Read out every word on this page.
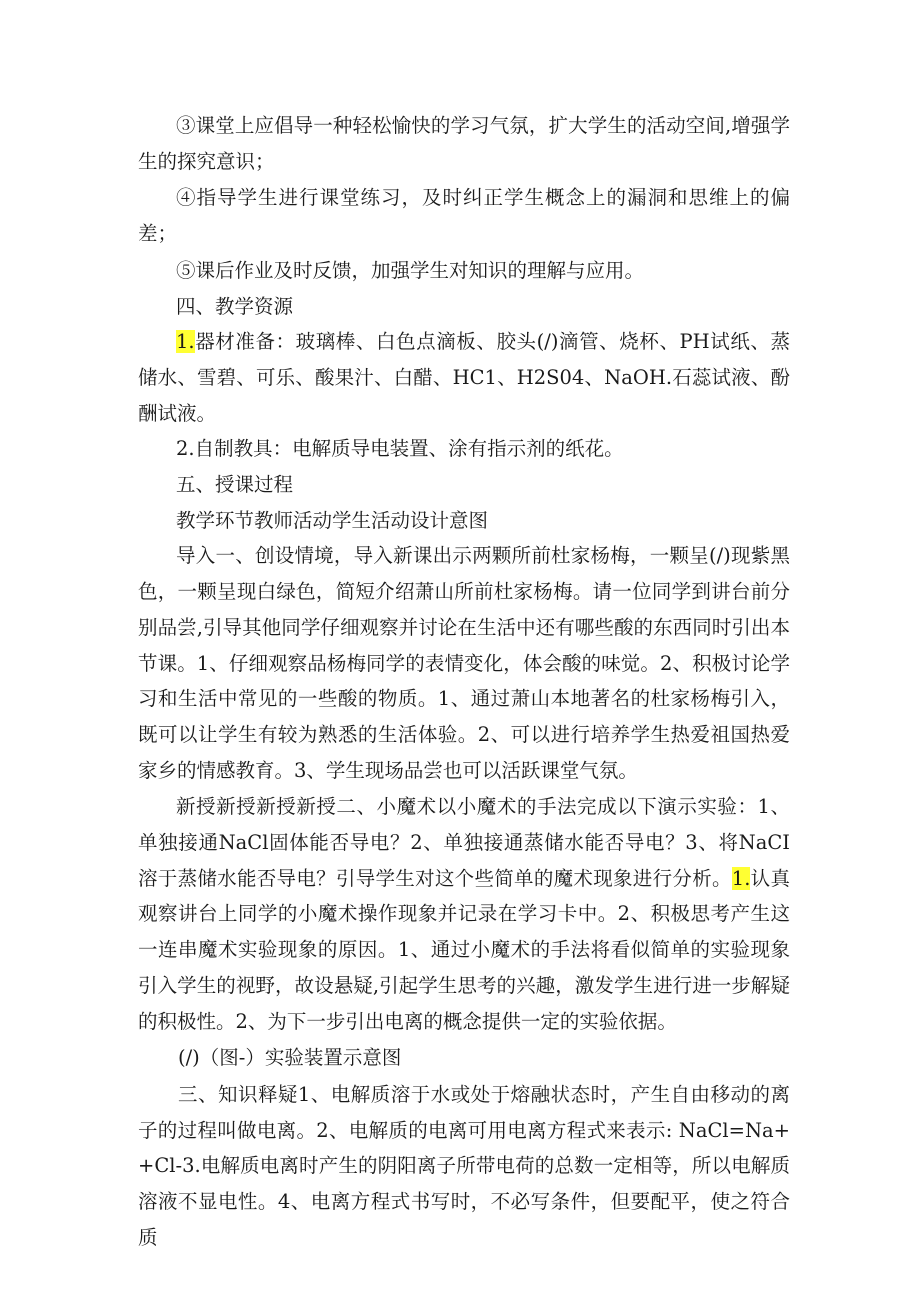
③课堂上应倡导一种轻松愉快的学习气氛，扩大学生的活动空间,增强学生的探究意识；

④指导学生进行课堂练习，及时纠正学生概念上的漏洞和思维上的偏差；

⑤课后作业及时反馈，加强学生对知识的理解与应用。

四、教学资源

1.器材准备：玻璃棒、白色点滴板、胶头(/)滴管、烧杯、PH试纸、蒸储水、雪碧、可乐、酸果汁、白醋、HC1、H2S04、NaOH.石蕊试液、酚酬试液。

2.自制教具：电解质导电装置、涂有指示剂的纸花。

五、授课过程

教学环节教师活动学生活动设计意图

导入一、创设情境，导入新课出示两颗所前杜家杨梅，一颗呈(/)现紫黑色，一颗呈现白绿色，简短介绍萧山所前杜家杨梅。请一位同学到讲台前分别品尝,引导其他同学仔细观察并讨论在生活中还有哪些酸的东西同时引出本节课。1、仔细观察品杨梅同学的表情变化，体会酸的味觉。2、积极讨论学习和生活中常见的一些酸的物质。1、通过萧山本地著名的杜家杨梅引入，既可以让学生有较为熟悉的生活体验。2、可以进行培养学生热爱祖国热爱家乡的情感教育。3、学生现场品尝也可以活跃课堂气氛。

新授新授新授新授二、小魔术以小魔术的手法完成以下演示实验：1、单独接通NaCl固体能否导电？2、单独接通蒸储水能否导电？3、将NaCI溶于蒸储水能否导电？引导学生对这个些简单的魔术现象进行分析。1.认真观察讲台上同学的小魔术操作现象并记录在学习卡中。2、积极思考产生这一连串魔术实验现象的原因。1、通过小魔术的手法将看似简单的实验现象引入学生的视野，故设悬疑,引起学生思考的兴趣，激发学生进行进一步解疑的积极性。2、为下一步引出电离的概念提供一定的实验依据。

(/)（图-）实验装置示意图

三、知识释疑1、电解质溶于水或处于熔融状态时，产生自由移动的离子的过程叫做电离。2、电解质的电离可用电离方程式来表示: NaCl=Na++Cl-3.电解质电离时产生的阴阳离子所带电荷的总数一定相等，所以电解质溶液不显电性。4、电离方程式书写时，不必写条件，但要配平，使之符合质
